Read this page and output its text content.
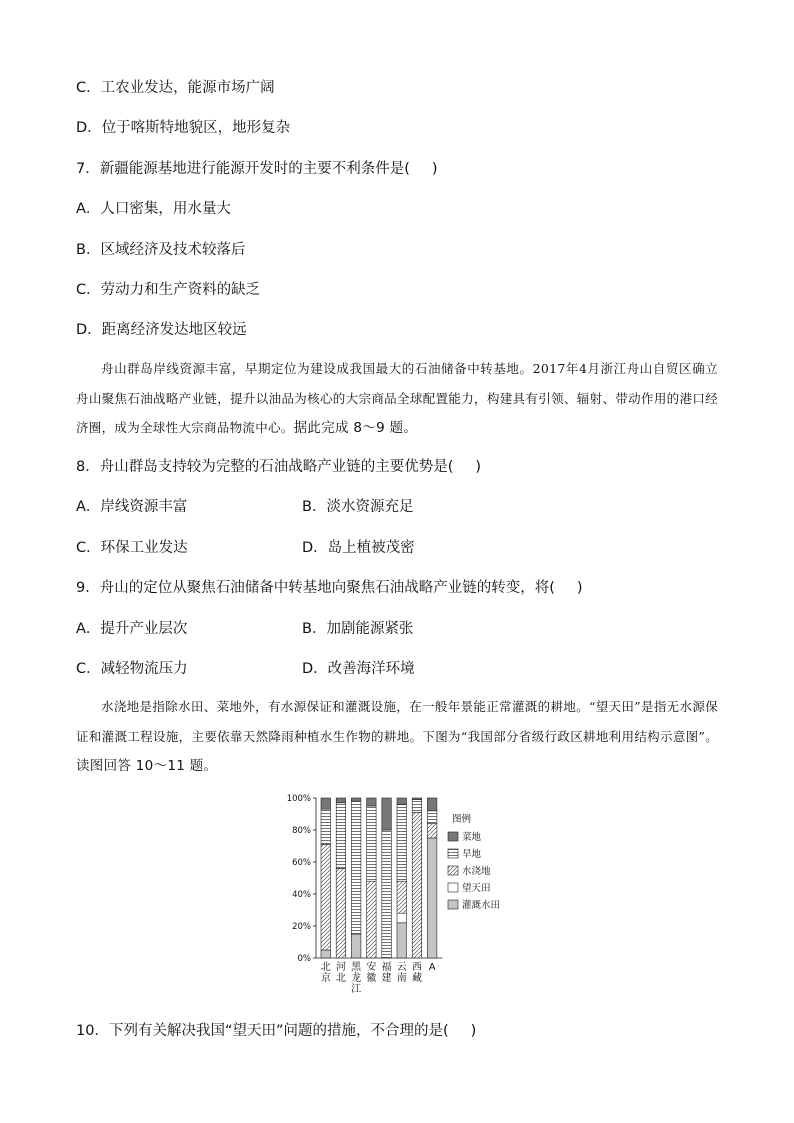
C．工农业发达，能源市场广阔
D．位于喀斯特地貌区，地形复杂
7．新疆能源基地进行能源开发时的主要不利条件是( )
A．人口密集，用水量大
B．区域经济及技术较落后
C．劳动力和生产资料的缺乏
D．距离经济发达地区较远
舟山群岛岸线资源丰富，早期定位为建设成我国最大的石油储备中转基地。2017年4月浙江舟山自贸区确立舟山聚焦石油战略产业链，提升以油品为核心的大宗商品全球配置能力，构建具有引领、辐射、带动作用的港口经济圈，成为全球性大宗商品物流中心。据此完成 8～9 题。
8．舟山群岛支持较为完整的石油战略产业链的主要优势是( )
A．岸线资源丰富	B．淡水资源充足
C．环保工业发达	D．岛上植被茂密
9．舟山的定位从聚焦石油储备中转基地向聚焦石油战略产业链的转变，将( )
A．提升产业层次	B．加剧能源紧张
C．减轻物流压力	D．改善海洋环境
水浇地是指除水田、菜地外，有水源保证和灌溉设施，在一般年景能正常灌溉的耕地。“望天田”是指无水源保证和灌溉工程设施，主要依靠天然降雨种植水生作物的耕地。下图为“我国部分省级行政区耕地利用结构示意图”。读图回答 10～11 题。
0%
20%
40%
60%
80%
100%
北
京
河
北
黑
龙
江
安
徽
福
建
云
南
西
藏
A
图例
菜地
旱地
水浇地
望天田
灌溉水田
10．下列有关解决我国“望天田”问题的措施，不合理的是( )
